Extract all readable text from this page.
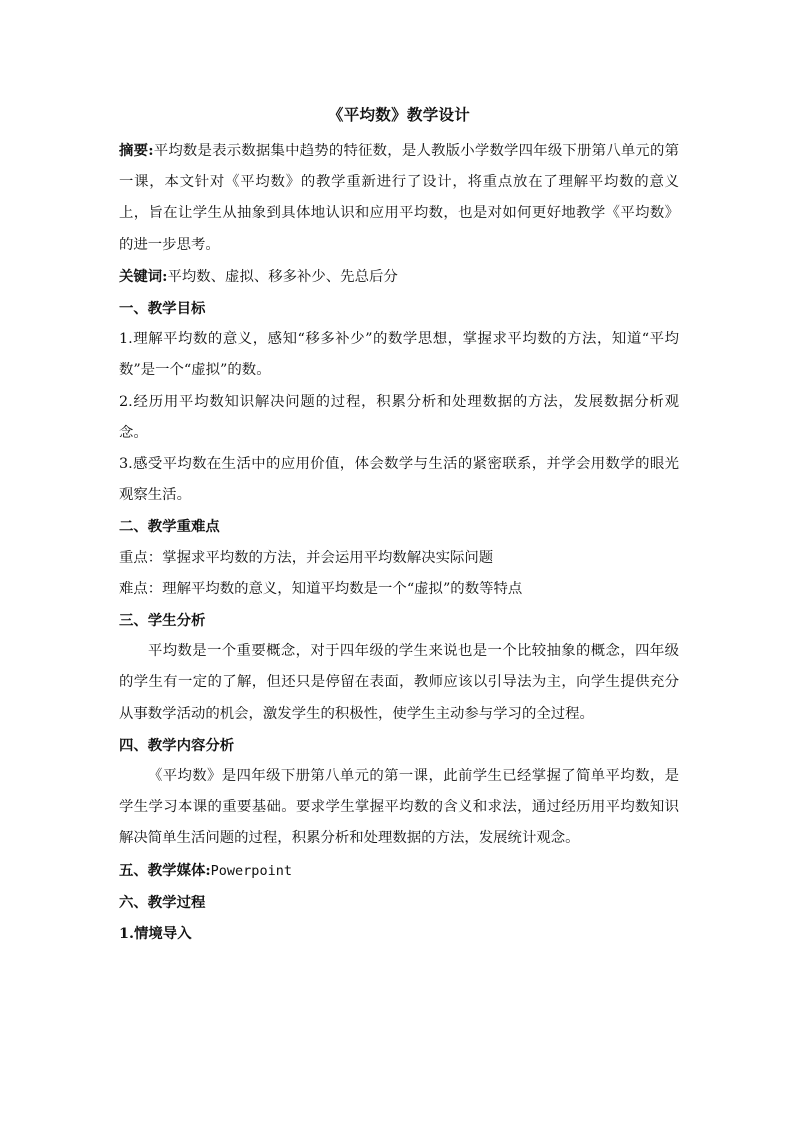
《平均数》教学设计

摘要:平均数是表示数据集中趋势的特征数，是人教版小学数学四年级下册第八单元的第一课，本文针对《平均数》的教学重新进行了设计，将重点放在了理解平均数的意义上，旨在让学生从抽象到具体地认识和应用平均数，也是对如何更好地教学《平均数》的进一步思考。

关键词:平均数、虚拟、移多补少、先总后分

一、教学目标

1.理解平均数的意义，感知“移多补少”的数学思想，掌握求平均数的方法，知道“平均数”是一个“虚拟”的数。

2.经历用平均数知识解决问题的过程，积累分析和处理数据的方法，发展数据分析观念。

3.感受平均数在生活中的应用价值，体会数学与生活的紧密联系，并学会用数学的眼光观察生活。

二、教学重难点

重点：掌握求平均数的方法，并会运用平均数解决实际问题

难点：理解平均数的意义，知道平均数是一个“虚拟”的数等特点

三、学生分析

平均数是一个重要概念，对于四年级的学生来说也是一个比较抽象的概念，四年级的学生有一定的了解，但还只是停留在表面，教师应该以引导法为主，向学生提供充分从事数学活动的机会，激发学生的积极性，使学生主动参与学习的全过程。

四、教学内容分析

《平均数》是四年级下册第八单元的第一课，此前学生已经掌握了简单平均数，是学生学习本课的重要基础。要求学生掌握平均数的含义和求法，通过经历用平均数知识解决简单生活问题的过程，积累分析和处理数据的方法，发展统计观念。

五、教学媒体:Powerpoint

六、教学过程

1.情境导入
